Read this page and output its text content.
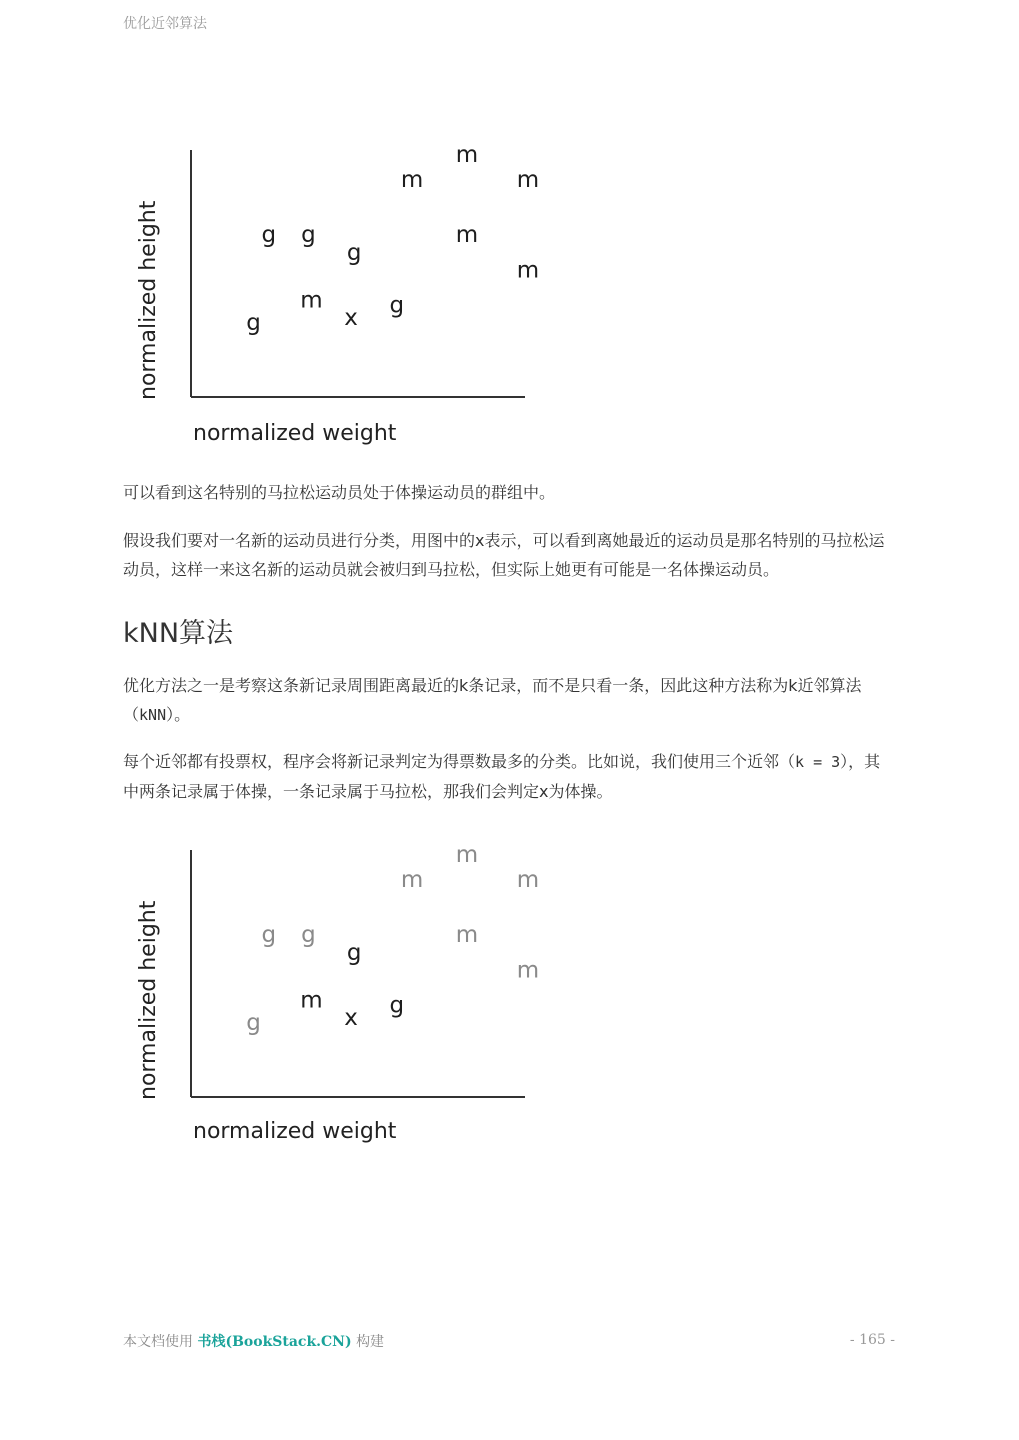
优化近邻算法
normalized weight
normalized height
m
m	m
m
m
m
g g
g
g
g	x
可以看到这名特别的马拉松运动员处于体操运动员的群组中。
假设我们要对一名新的运动员进行分类，用图中的x表示，可以看到离她最近的运动员是那名特别的马拉松运动员，这样一来这名新的运动员就会被归到马拉松，但实际上她更有可能是一名体操运动员。
kNN算法
优化方法之一是考察这条新记录周围距离最近的k条记录，而不是只看一条，因此这种方法称为k近邻算法（kNN）。
每个近邻都有投票权，程序会将新记录判定为得票数最多的分类。比如说，我们使用三个近邻（k = 3），其中两条记录属于体操，一条记录属于马拉松，那我们会判定x为体操。
normalized weight
normalized height
m
m	m
m
m
m
g g
g
g
g	x
本文档使用 书栈(BookStack.CN) 构建	- 165 -
